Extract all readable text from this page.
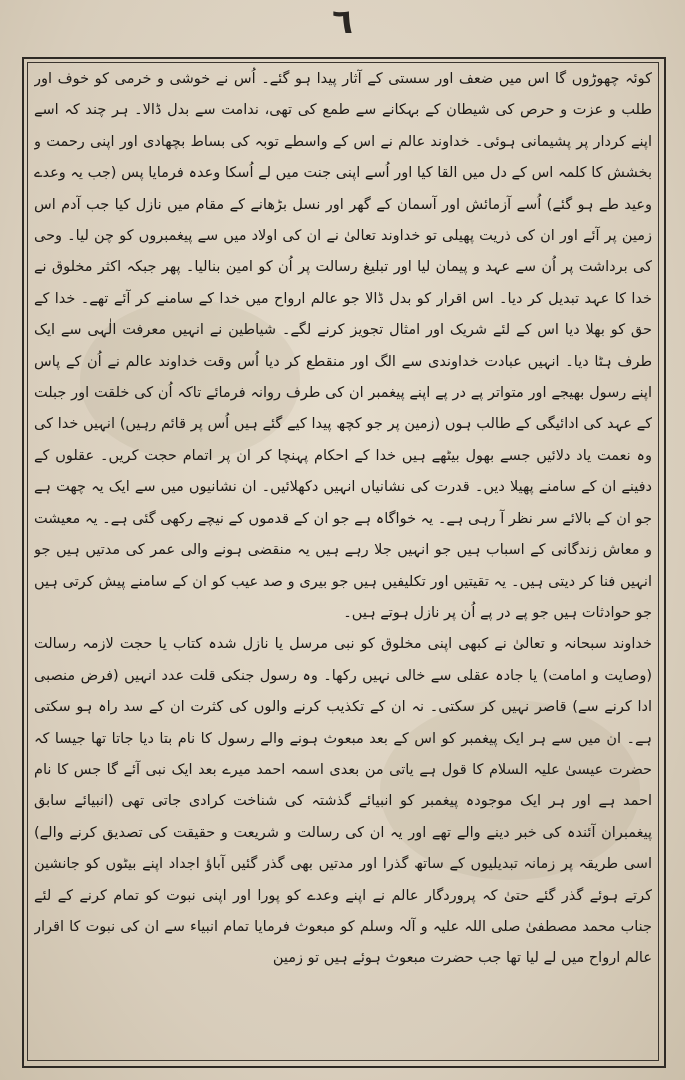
٦

کوئہ چھوڑوں گا اس میں ضعف اور سستی کے آثار پیدا ہو گئے۔ اُس نے خوشی و خرمی کو خوف اور طلب و عزت و حرص کی شیطان کے بہکانے سے طمع کی تھی، ندامت سے بدل ڈالا۔ ہر چند کہ اسے اپنے کردار پر پشیمانی ہوئی۔ خداوند عالم نے اس کے واسطے توبہ کی بساط بچھادی اور اپنی رحمت و بخشش کا کلمہ اس کے دل میں القا کیا اور اُسے اپنی جنت میں لے اُسکا وعدہ فرمایا پس (جب یہ وعدے وعید طے ہو گئے) اُسے آزمائش اور آسمان کے گھر اور نسل بڑھانے کے مقام میں نازل کیا جب آدم اس زمین پر آئے اور ان کی ذریت پھیلی تو خداوند تعالیٰ نے ان کی اولاد میں سے پیغمبروں کو چن لیا۔ وحی کی برداشت پر اُن سے عہد و پیمان لیا اور تبلیغ رسالت پر اُن کو امین بنالیا۔ پھر جبکہ اکثر مخلوق نے خدا کا عہد تبدیل کر دیا۔ اس اقرار کو بدل ڈالا جو عالم ارواح میں خدا کے سامنے کر آئے تھے۔ خدا کے حق کو بھلا دیا اس کے لئے شریک اور امثال تجویز کرنے لگے۔ شیاطین نے انہیں معرفت الٰہی سے ایک طرف ہٹا دیا۔ انہیں عبادت خداوندی سے الگ اور منقطع کر دیا اُس وقت خداوند عالم نے اُن کے پاس اپنے رسول بھیجے اور متواتر پے در پے اپنے پیغمبر ان کی طرف روانہ فرمائے تاکہ اُن کی خلقت اور جبلت کے عہد کی ادائیگی کے طالب ہوں (زمین پر جو کچھ پیدا کیے گئے ہیں اُس پر قائم رہیں) انہیں خدا کی وہ نعمت یاد دلائیں جسے بھول بیٹھے ہیں خدا کے احکام پہنچا کر ان پر اتمام حجت کریں۔ عقلوں کے دفینے ان کے سامنے پھیلا دیں۔ قدرت کی نشانیاں انہیں دکھلائیں۔ ان نشانیوں میں سے ایک یہ چھت ہے جو ان کے بالائے سر نظر آ رہی ہے۔ یہ خواگاہ ہے جو ان کے قدموں کے نیچے رکھی گئی ہے۔ یہ معیشت و معاش زندگانی کے اسباب ہیں جو انہیں جلا رہے ہیں یہ منقضی ہونے والی عمر کی مدتیں ہیں جو انہیں فنا کر دیتی ہیں۔ یہ تقیتیں اور تکلیفیں ہیں جو بیری و صد عیب کو ان کے سامنے پیش کرتی ہیں جو حوادثات ہیں جو پے در پے اُن پر نازل ہوتے ہیں۔

خداوند سبحانہ و تعالیٰ نے کبھی اپنی مخلوق کو نبی مرسل یا نازل شدہ کتاب یا حجت لازمہ رسالت (وصایت و امامت) یا جادہ عقلی سے خالی نہیں رکھا۔ وہ رسول جنکی قلت عدد انہیں (فرض منصبی ادا کرنے سے) قاصر نہیں کر سکتی۔ نہ ان کے تکذیب کرنے والوں کی کثرت ان کے سد راہ ہو سکتی ہے۔ ان میں سے ہر ایک پیغمبر کو اس کے بعد مبعوث ہونے والے رسول کا نام بتا دیا جاتا تھا جیسا کہ حضرت عیسیٰ علیہ السلام کا قول ہے یاتی من بعدی اسمہ احمد میرے بعد ایک نبی آئے گا جس کا نام احمد ہے اور ہر ایک موجودہ پیغمبر کو انبیائے گذشتہ کی شناخت کرادی جاتی تھی (انبیائے سابق پیغمبران آئندہ کی خبر دینے والے تھے اور یہ ان کی رسالت و شریعت و حقیقت کی تصدیق کرنے والے) اسی طریقہ پر زمانہ تبدیلیوں کے ساتھ گذرا اور مدتیں بھی گذر گئیں آباؤ اجداد اپنے بیٹوں کو جانشین کرتے ہوئے گذر گئے حتیٰ کہ پروردگار عالم نے اپنے وعدے کو پورا اور اپنی نبوت کو تمام کرنے کے لئے جناب محمد مصطفیٰ صلی اللہ علیہ و آلہ وسلم کو مبعوث فرمایا تمام انبیاء سے ان کی نبوت کا اقرار عالم ارواح میں لے لیا تھا جب حضرت مبعوث ہوئے ہیں تو زمین
